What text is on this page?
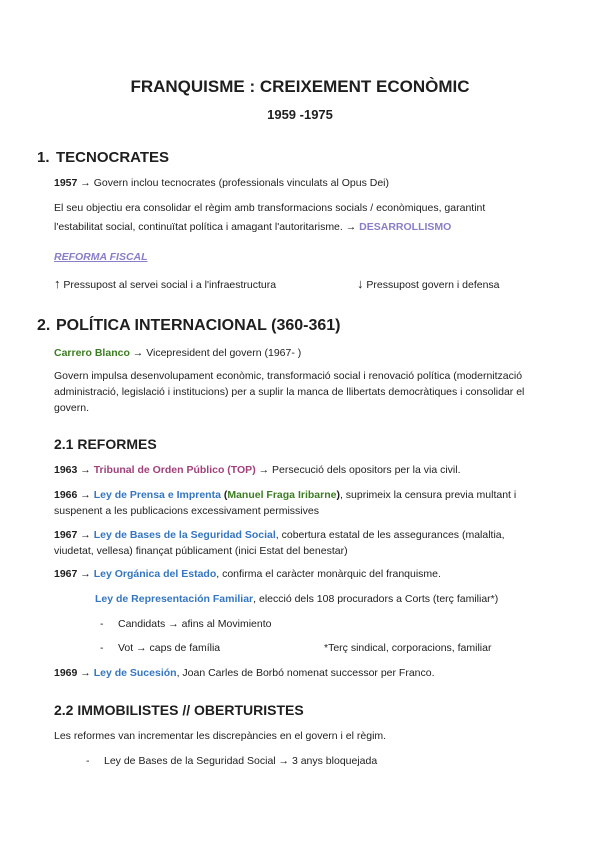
FRANQUISME : CREIXEMENT ECONÒMIC
1959 -1975
1. TECNOCRATES
1957 → Govern inclou tecnocrates (professionals vinculats al Opus Dei)
El seu objectiu era consolidar el règim amb transformacions socials / econòmiques, garantint
l'estabilitat social, continuïtat política i amagant l'autoritarisme. → DESARROLLISMO
REFORMA FISCAL
↑ Pressupost al servei social i a l'infraestructura	↓ Pressupost govern i defensa
2. POLÍTICA INTERNACIONAL (360-361)
Carrero Blanco → Vicepresident del govern (1967- )
Govern impulsa desenvolupament econòmic, transformació social i renovació política (modernització
administració, legislació i institucions) per a suplir la manca de llibertats democràtiques i consolidar el
govern.
2.1 REFORMES
1963 → Tribunal de Orden Público (TOP) → Persecució dels opositors per la via civil.
1966 → Ley de Prensa e Imprenta (Manuel Fraga Iribarne), suprimeix la censura previa multant i
suspenent a les publicacions excessivament permissives
1967 → Ley de Bases de la Seguridad Social, cobertura estatal de les assegurances (malaltia,
viudetat, vellesa) finançat públicament (inici Estat del benestar)
1967 → Ley Orgánica del Estado, confirma el caràcter monàrquic del franquisme.
Ley de Representación Familiar, elecció dels 108 procuradors a Corts (terç familiar*)
- Candidats → afins al Movimiento
- Vot → caps de família	*Terç sindical, corporacions, familiar
1969 → Ley de Sucesión, Joan Carles de Borbó nomenat successor per Franco.
2.2 IMMOBILISTES // OBERTURISTES
Les reformes van incrementar les discrepàncies en el govern i el règim.
- Ley de Bases de la Seguridad Social → 3 anys bloquejada
